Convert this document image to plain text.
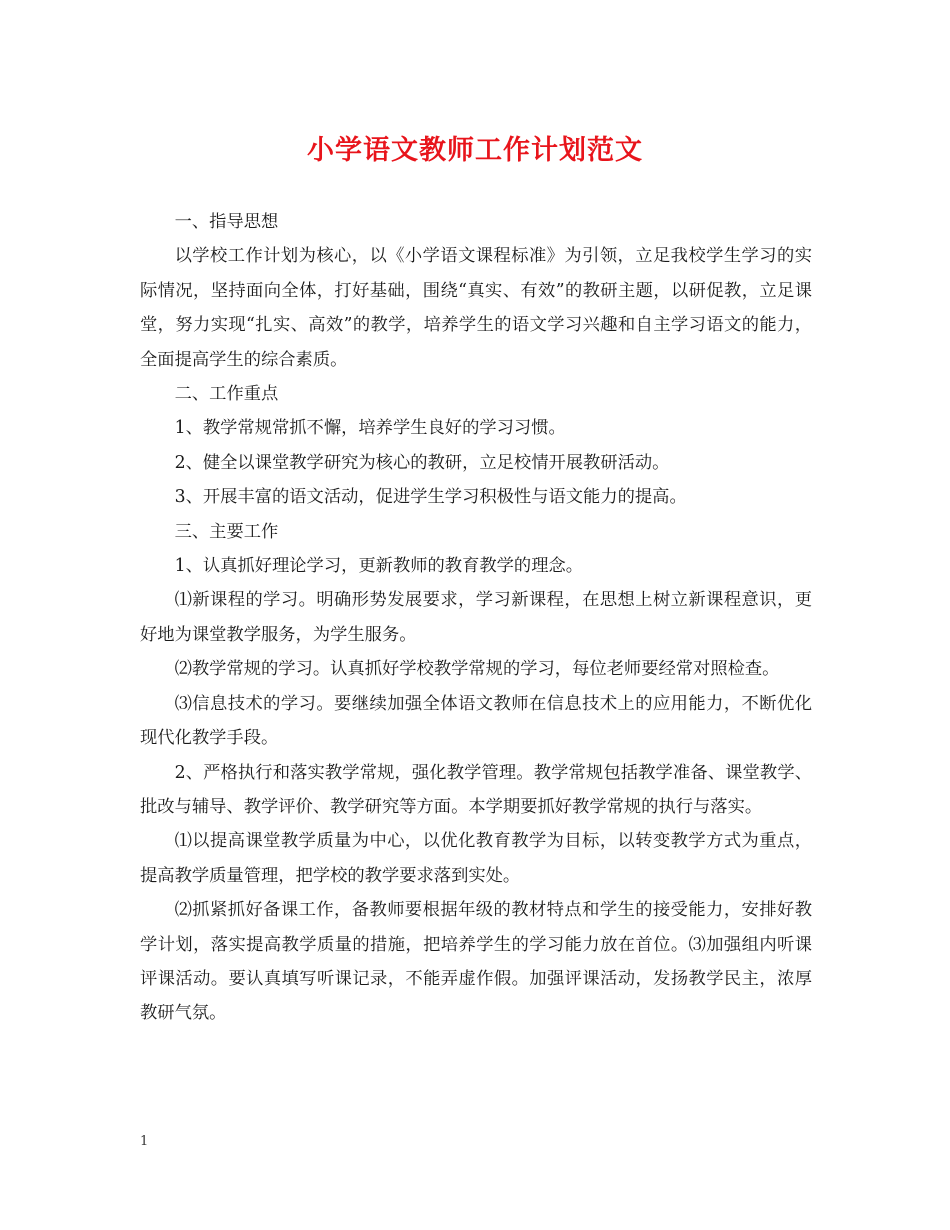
小学语文教师工作计划范文

一、指导思想

以学校工作计划为核心，以《小学语文课程标准》为引领，立足我校学生学习的实际情况，坚持面向全体，打好基础，围绕“真实、有效”的教研主题，以研促教，立足课堂，努力实现“扎实、高效”的教学，培养学生的语文学习兴趣和自主学习语文的能力，全面提高学生的综合素质。

二、工作重点

1、教学常规常抓不懈，培养学生良好的学习习惯。

2、健全以课堂教学研究为核心的教研，立足校情开展教研活动。

3、开展丰富的语文活动，促进学生学习积极性与语文能力的提高。

三、主要工作

1、认真抓好理论学习，更新教师的教育教学的理念。

⑴新课程的学习。明确形势发展要求，学习新课程，在思想上树立新课程意识，更好地为课堂教学服务，为学生服务。

⑵教学常规的学习。认真抓好学校教学常规的学习，每位老师要经常对照检查。

⑶信息技术的学习。要继续加强全体语文教师在信息技术上的应用能力，不断优化现代化教学手段。

2、严格执行和落实教学常规，强化教学管理。教学常规包括教学准备、课堂教学、批改与辅导、教学评价、教学研究等方面。本学期要抓好教学常规的执行与落实。

⑴以提高课堂教学质量为中心，以优化教育教学为目标，以转变教学方式为重点，提高教学质量管理，把学校的教学要求落到实处。

⑵抓紧抓好备课工作，备教师要根据年级的教材特点和学生的接受能力，安排好教学计划，落实提高教学质量的措施，把培养学生的学习能力放在首位。⑶加强组内听课评课活动。要认真填写听课记录，不能弄虚作假。加强评课活动，发扬教学民主，浓厚教研气氛。

1
